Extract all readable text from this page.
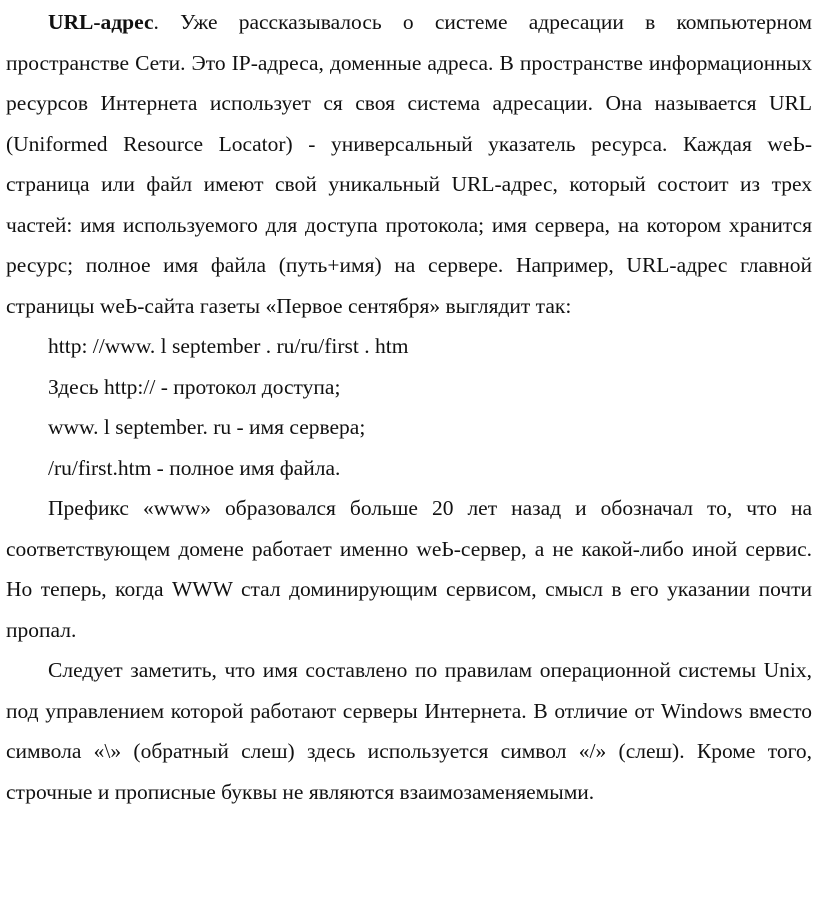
URL-адрес. Уже рассказывалось о системе адресации в компьютерном пространстве Сети. Это IP-адреса, доменные адреса. В пространстве информационных ресурсов Интернета использует ся своя система адресации. Она называется URL (Uniformed Resource Locator) - универсальный указатель ресурса. Каждая weЬ-страница или файл имеют свой уникальный URL-адрес, который состоит из трех частей: имя используемого для доступа протокола; имя сервера, на котором хранится ресурс; полное имя файла (путь+имя) на сервере. Например, URL-адрес главной страницы weЬ-сайта газеты «Первое сентября» выглядит так:

http: //www. l september . ru/ru/first . htm

Здесь http:// - протокол доступа;

www. l september. ru - имя сервера;

/ru/first.htm - полное имя файла.

Префикс «www» образовался больше 20 лет назад и обозначал то, что на соответствующем домене работает именно weЬ-сервер, а не какой-либо иной сервис. Но теперь, когда WWW стал доминирующим сервисом, смысл в его указании почти пропал.

Следует заметить, что имя составлено по правилам операционной системы Unix, под управлением которой работают серверы Интернета. В отличие от Windows вместо символа «\» (обратный слеш) здесь используется символ «/» (слеш). Кроме того, строчные и прописные буквы не являются взаимозаменяемыми.
